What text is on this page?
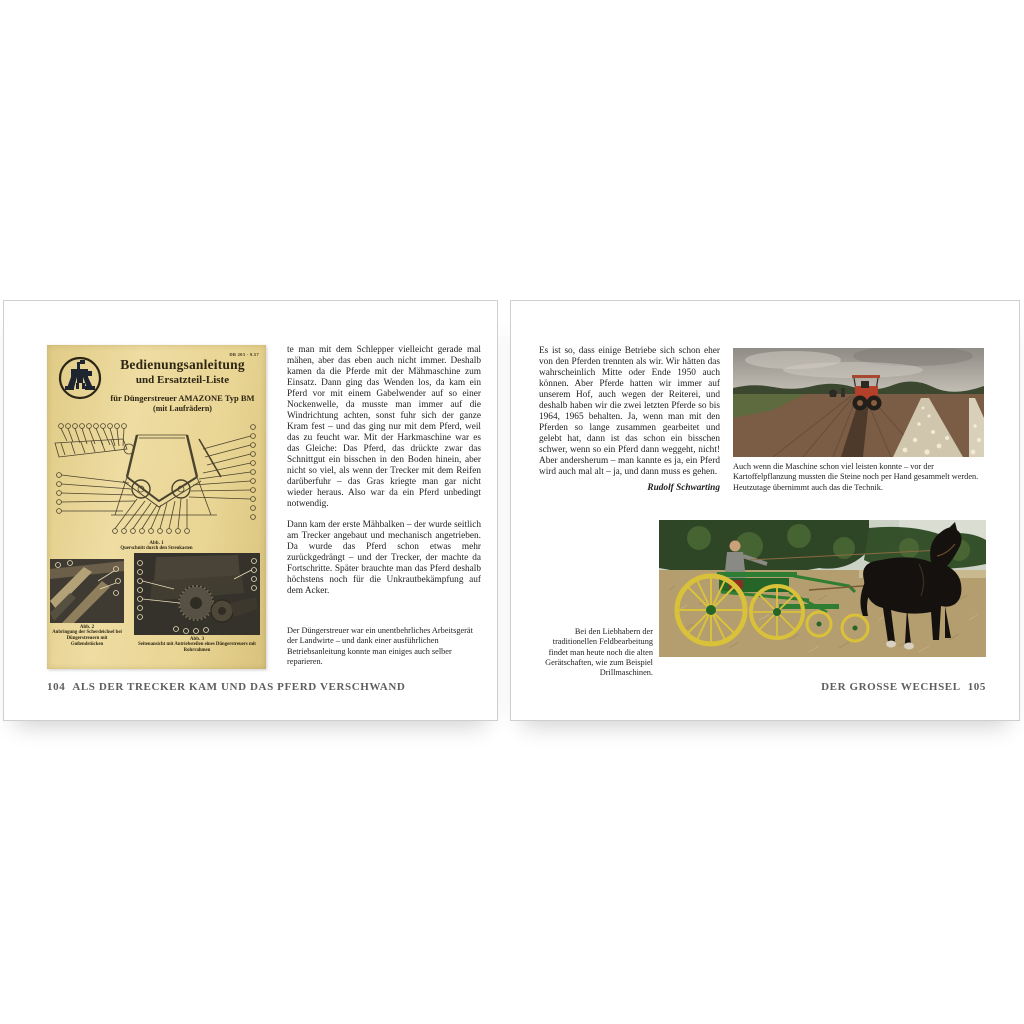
DB 203 · 9.57
Bedienungsanleitung
und Ersatzteil-Liste
für Düngerstreuer AMAZONE Typ BM
(mit Laufrädern)
Abb. 1
Querschnitt durch den Streukasten
Abb. 2
Anbringung der Scherdeichsel bei Düngerstreuern mit Gußendstücken
Abb. 3
Seitenansicht mit Antriebsteilen eines Düngerstreuers mit Rohrrahmen

te man mit dem Schlepper vielleicht gerade mal mähen, aber das eben auch nicht immer. Deshalb kamen da die Pferde mit der Mähmaschine zum Einsatz. Dann ging das Wenden los, da kam ein Pferd vor mit einem Gabelwender auf so einer Nockenwelle, da musste man immer auf die Windrichtung achten, sonst fuhr sich der ganze Kram fest – und das ging nur mit dem Pferd, weil das zu feucht war. Mit der Harkmaschine war es das Gleiche: Das Pferd, das drückte zwar das Schnittgut ein bisschen in den Boden hinein, aber nicht so viel, als wenn der Trecker mit dem Reifen darüberfuhr – das Gras kriegte man gar nicht wieder heraus. Also war da ein Pferd unbedingt notwendig.

Dann kam der erste Mähbalken – der wurde seitlich am Trecker angebaut und mechanisch angetrieben. Da wurde das Pferd schon etwas mehr zurückgedrängt – und der Trecker, der machte da Fortschritte. Später brauchte man das Pferd deshalb höchstens noch für die Unkrautbekämpfung auf dem Acker.

Der Düngerstreuer war ein unentbehrliches Arbeitsgerät der Landwirte – und dank einer ausführlichen Betriebsanleitung konnte man einiges auch selber reparieren.
104 ALS DER TRECKER KAM UND DAS PFERD VERSCHWAND

Es ist so, dass einige Betriebe sich schon eher von den Pferden trennten als wir. Wir hätten das wahrscheinlich Mitte oder Ende 1950 auch können. Aber Pferde hatten wir immer auf unserem Hof, auch wegen der Reiterei, und deshalb haben wir die zwei letzten Pferde so bis 1964, 1965 behalten. Ja, wenn man mit den Pferden so lange zusammen gearbeitet und gelebt hat, dann ist das schon ein bisschen schwer, wenn so ein Pferd dann weggeht, nicht! Aber andersherum – man kannte es ja, ein Pferd wird auch mal alt – ja, und dann muss es gehen.

Rudolf Schwarting
Auch wenn die Maschine schon viel leisten konnte – vor der Kartoffelpflanzung mussten die Steine noch per Hand gesammelt werden. Heutzutage übernimmt auch das die Technik.
Bei den Liebhabern der traditionellen Feldbearbeitung findet man heute noch die alten Gerätschaften, wie zum Beispiel Drillmaschinen.
DER GROSSE WECHSEL 105
